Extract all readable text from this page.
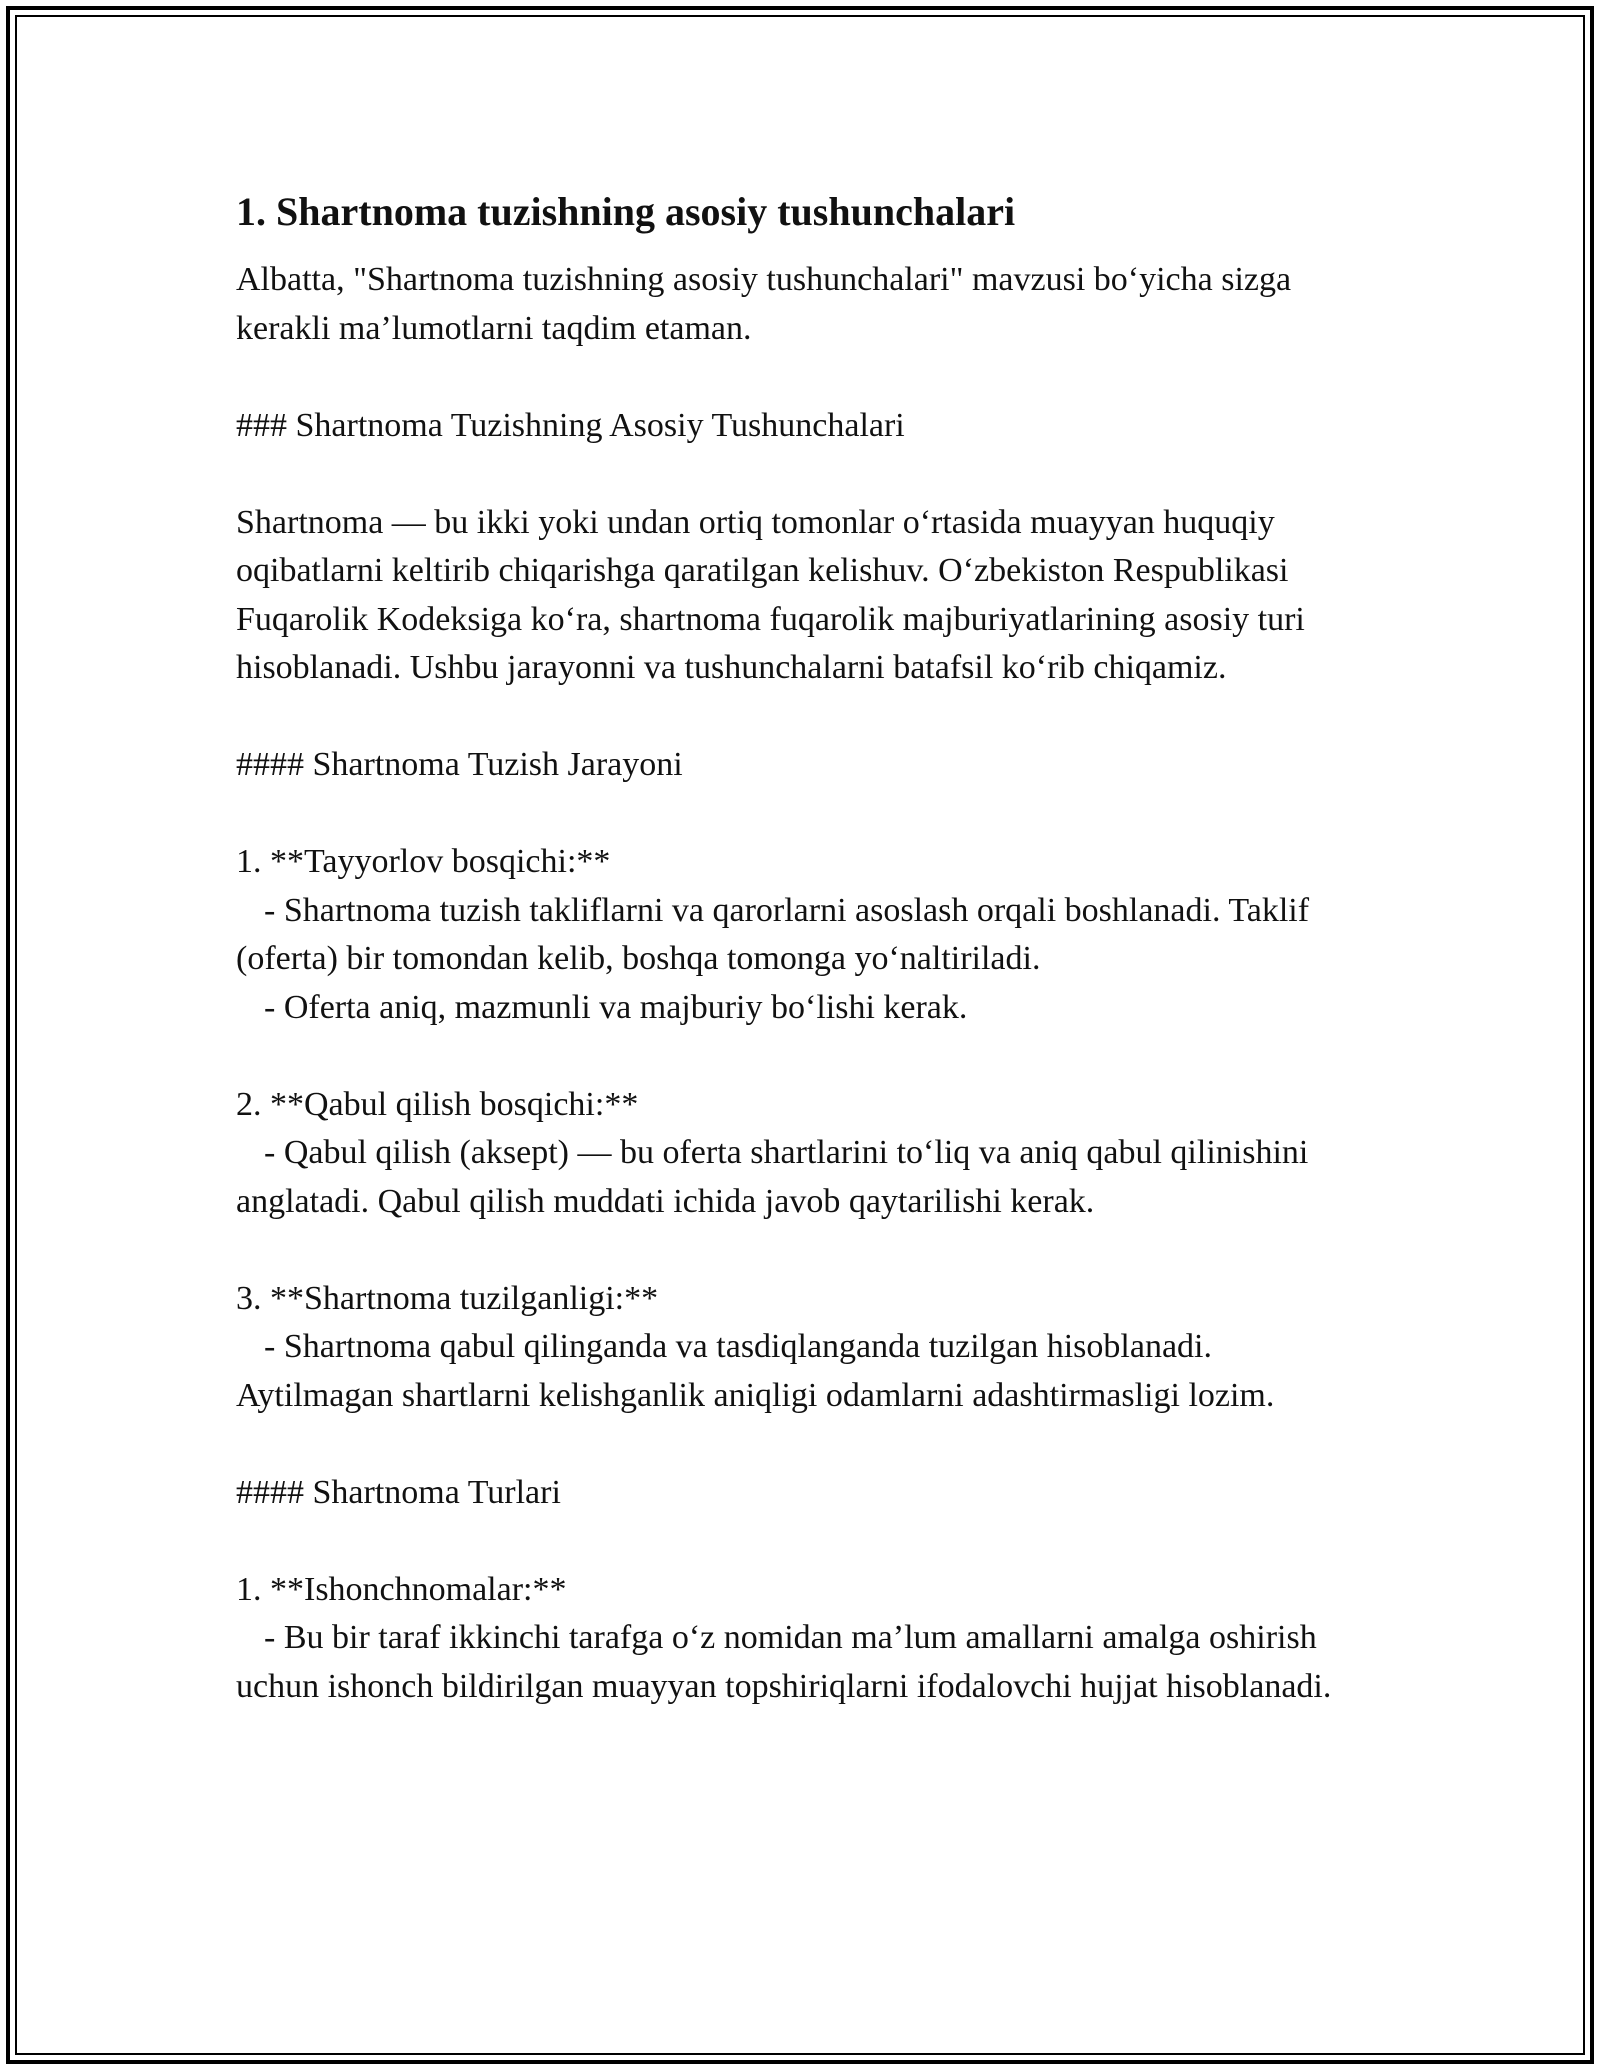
1. Shartnoma tuzishning asosiy tushunchalari

Albatta, "Shartnoma tuzishning asosiy tushunchalari" mavzusi bo‘yicha sizga kerakli ma’lumotlarni taqdim etaman.

### Shartnoma Tuzishning Asosiy Tushunchalari

Shartnoma — bu ikki yoki undan ortiq tomonlar o‘rtasida muayyan huquqiy oqibatlarni keltirib chiqarishga qaratilgan kelishuv. O‘zbekiston Respublikasi Fuqarolik Kodeksiga ko‘ra, shartnoma fuqarolik majburiyatlarining asosiy turi hisoblanadi. Ushbu jarayonni va tushunchalarni batafsil ko‘rib chiqamiz.

#### Shartnoma Tuzish Jarayoni

1. **Tayyorlov bosqichi:**
- Shartnoma tuzish takliflarni va qarorlarni asoslash orqali boshlanadi. Taklif (oferta) bir tomondan kelib, boshqa tomonga yo‘naltiriladi.
- Oferta aniq, mazmunli va majburiy bo‘lishi kerak.

2. **Qabul qilish bosqichi:**
- Qabul qilish (aksept) — bu oferta shartlarini to‘liq va aniq qabul qilinishini anglatadi. Qabul qilish muddati ichida javob qaytarilishi kerak.

3. **Shartnoma tuzilganligi:**
- Shartnoma qabul qilinganda va tasdiqlanganda tuzilgan hisoblanadi. Aytilmagan shartlarni kelishganlik aniqligi odamlarni adashtirmasligi lozim.

#### Shartnoma Turlari

1. **Ishonchnomalar:**
- Bu bir taraf ikkinchi tarafga o‘z nomidan ma’lum amallarni amalga oshirish uchun ishonch bildirilgan muayyan topshiriqlarni ifodalovchi hujjat hisoblanadi.
